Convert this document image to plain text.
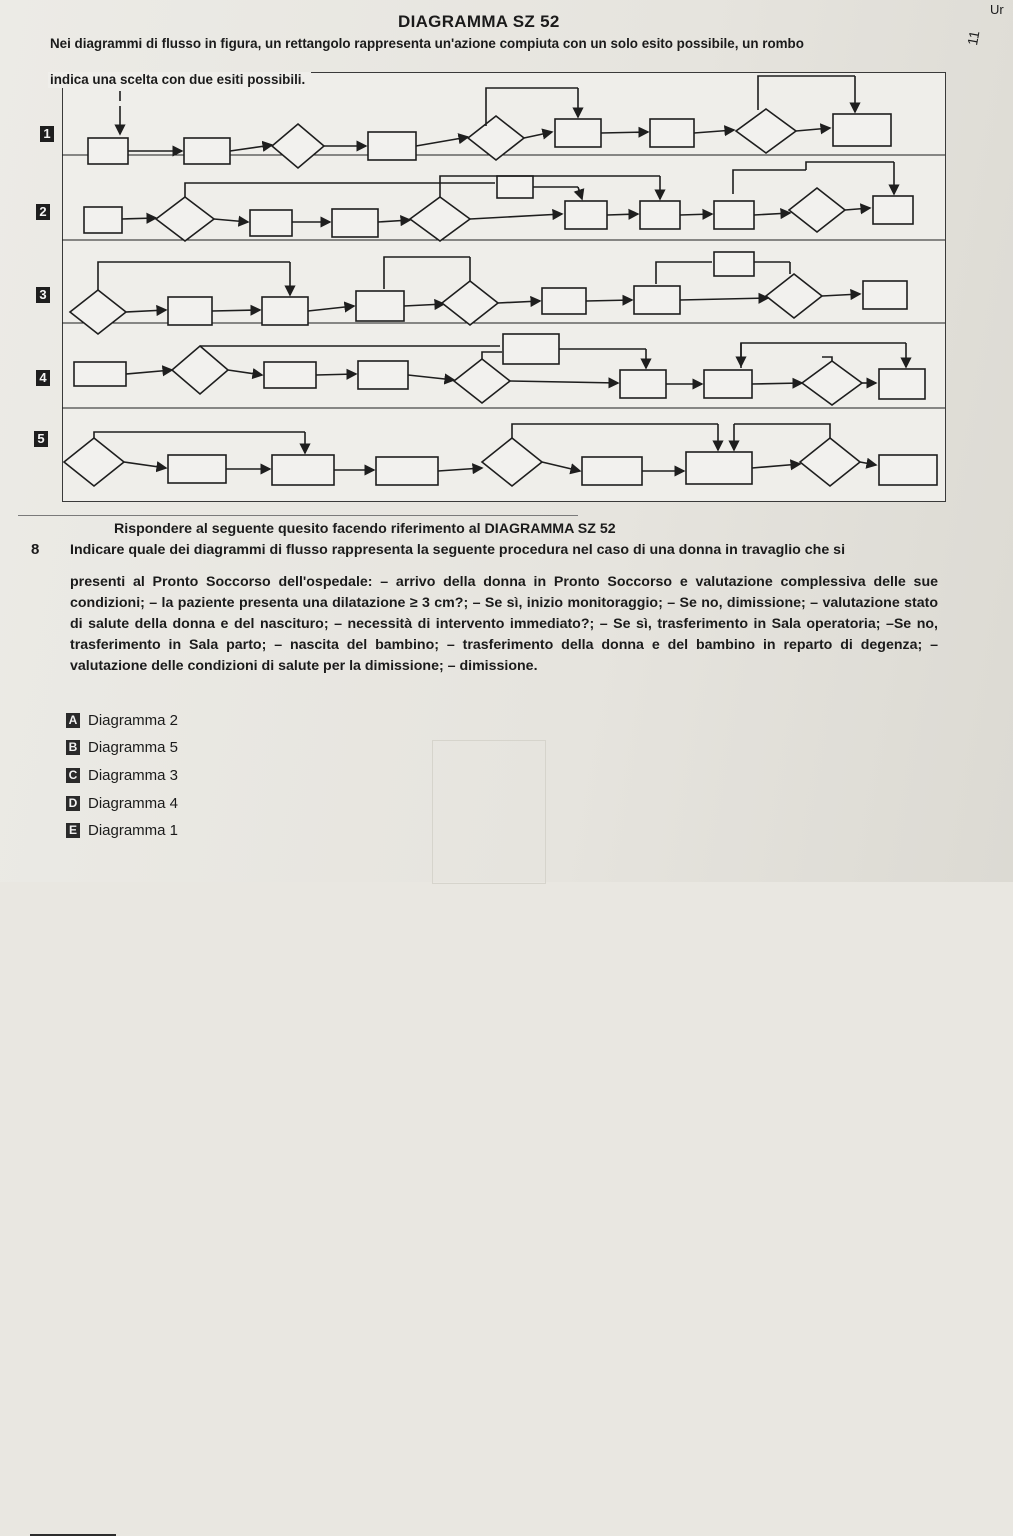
DIAGRAMMA SZ 52
Ur
11
Nei diagrammi di flusso in figura, un rettangolo rappresenta un'azione compiuta con un solo esito possibile, un rombo
indica una scelta con due esiti possibili.
1
2
3
4
5
Rispondere al seguente quesito facendo riferimento al DIAGRAMMA SZ 52
8 Indicare quale dei diagrammi di flusso rappresenta la seguente procedura nel caso di una donna in travaglio che si
presenti al Pronto Soccorso dell'ospedale: – arrivo della donna in Pronto Soccorso e valutazione complessiva delle sue condizioni; – la paziente presenta una dilatazione ≥ 3 cm?; – Se sì, inizio monitoraggio; – Se no, dimissione; – valutazione stato di salute della donna e del nascituro; – necessità di intervento immediato?; – Se sì, trasferimento in Sala operatoria; –Se no, trasferimento in Sala parto; – nascita del bambino; – trasferimento della donna e del bambino in reparto di degenza; – valutazione delle condizioni di salute per la dimissione; – dimissione.
A Diagramma 2
B Diagramma 5
C Diagramma 3
D Diagramma 4
E Diagramma 1
